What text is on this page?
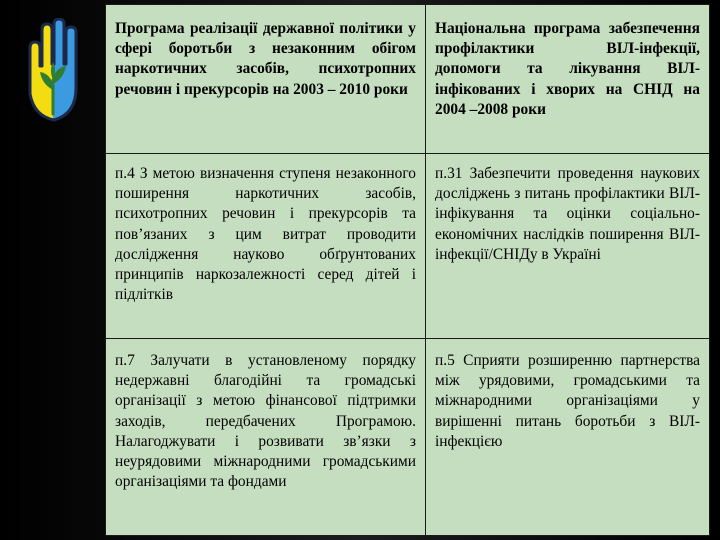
Програма реалізації державної політики у сфері боротьби з незаконним обігом наркотичних засобів, психотропних речовин і прекурсорів на 2003 – 2010 роки	Національна програма забезпечення профілактики ВІЛ-інфекції, допомоги та лікування ВІЛ-інфікованих і хворих на СНІД на 2004 –2008 роки
п.4 З метою визначення ступеня незаконного поширення наркотичних засобів, психотропних речовин і прекурсорів та пов’язаних з цим витрат проводити дослідження науково обґрунтованих принципів наркозалежності серед дітей і підлітків	п.31 Забезпечити проведення наукових досліджень з питань профілактики ВІЛ-інфікування та оцінки соціально-економічних наслідків поширення ВІЛ-інфекції/СНІДу в Україні
п.7 Залучати в установленому порядку недержавні благодійні та громадські організації з метою фінансової підтримки заходів, передбачених Програмою. Налагоджувати і розвивати зв’язки з неурядовими міжнародними громадськими організаціями та фондами	п.5 Сприяти розширенню партнерства між урядовими, громадськими та міжнародними організаціями у вирішенні питань боротьби з ВІЛ-інфекцією
